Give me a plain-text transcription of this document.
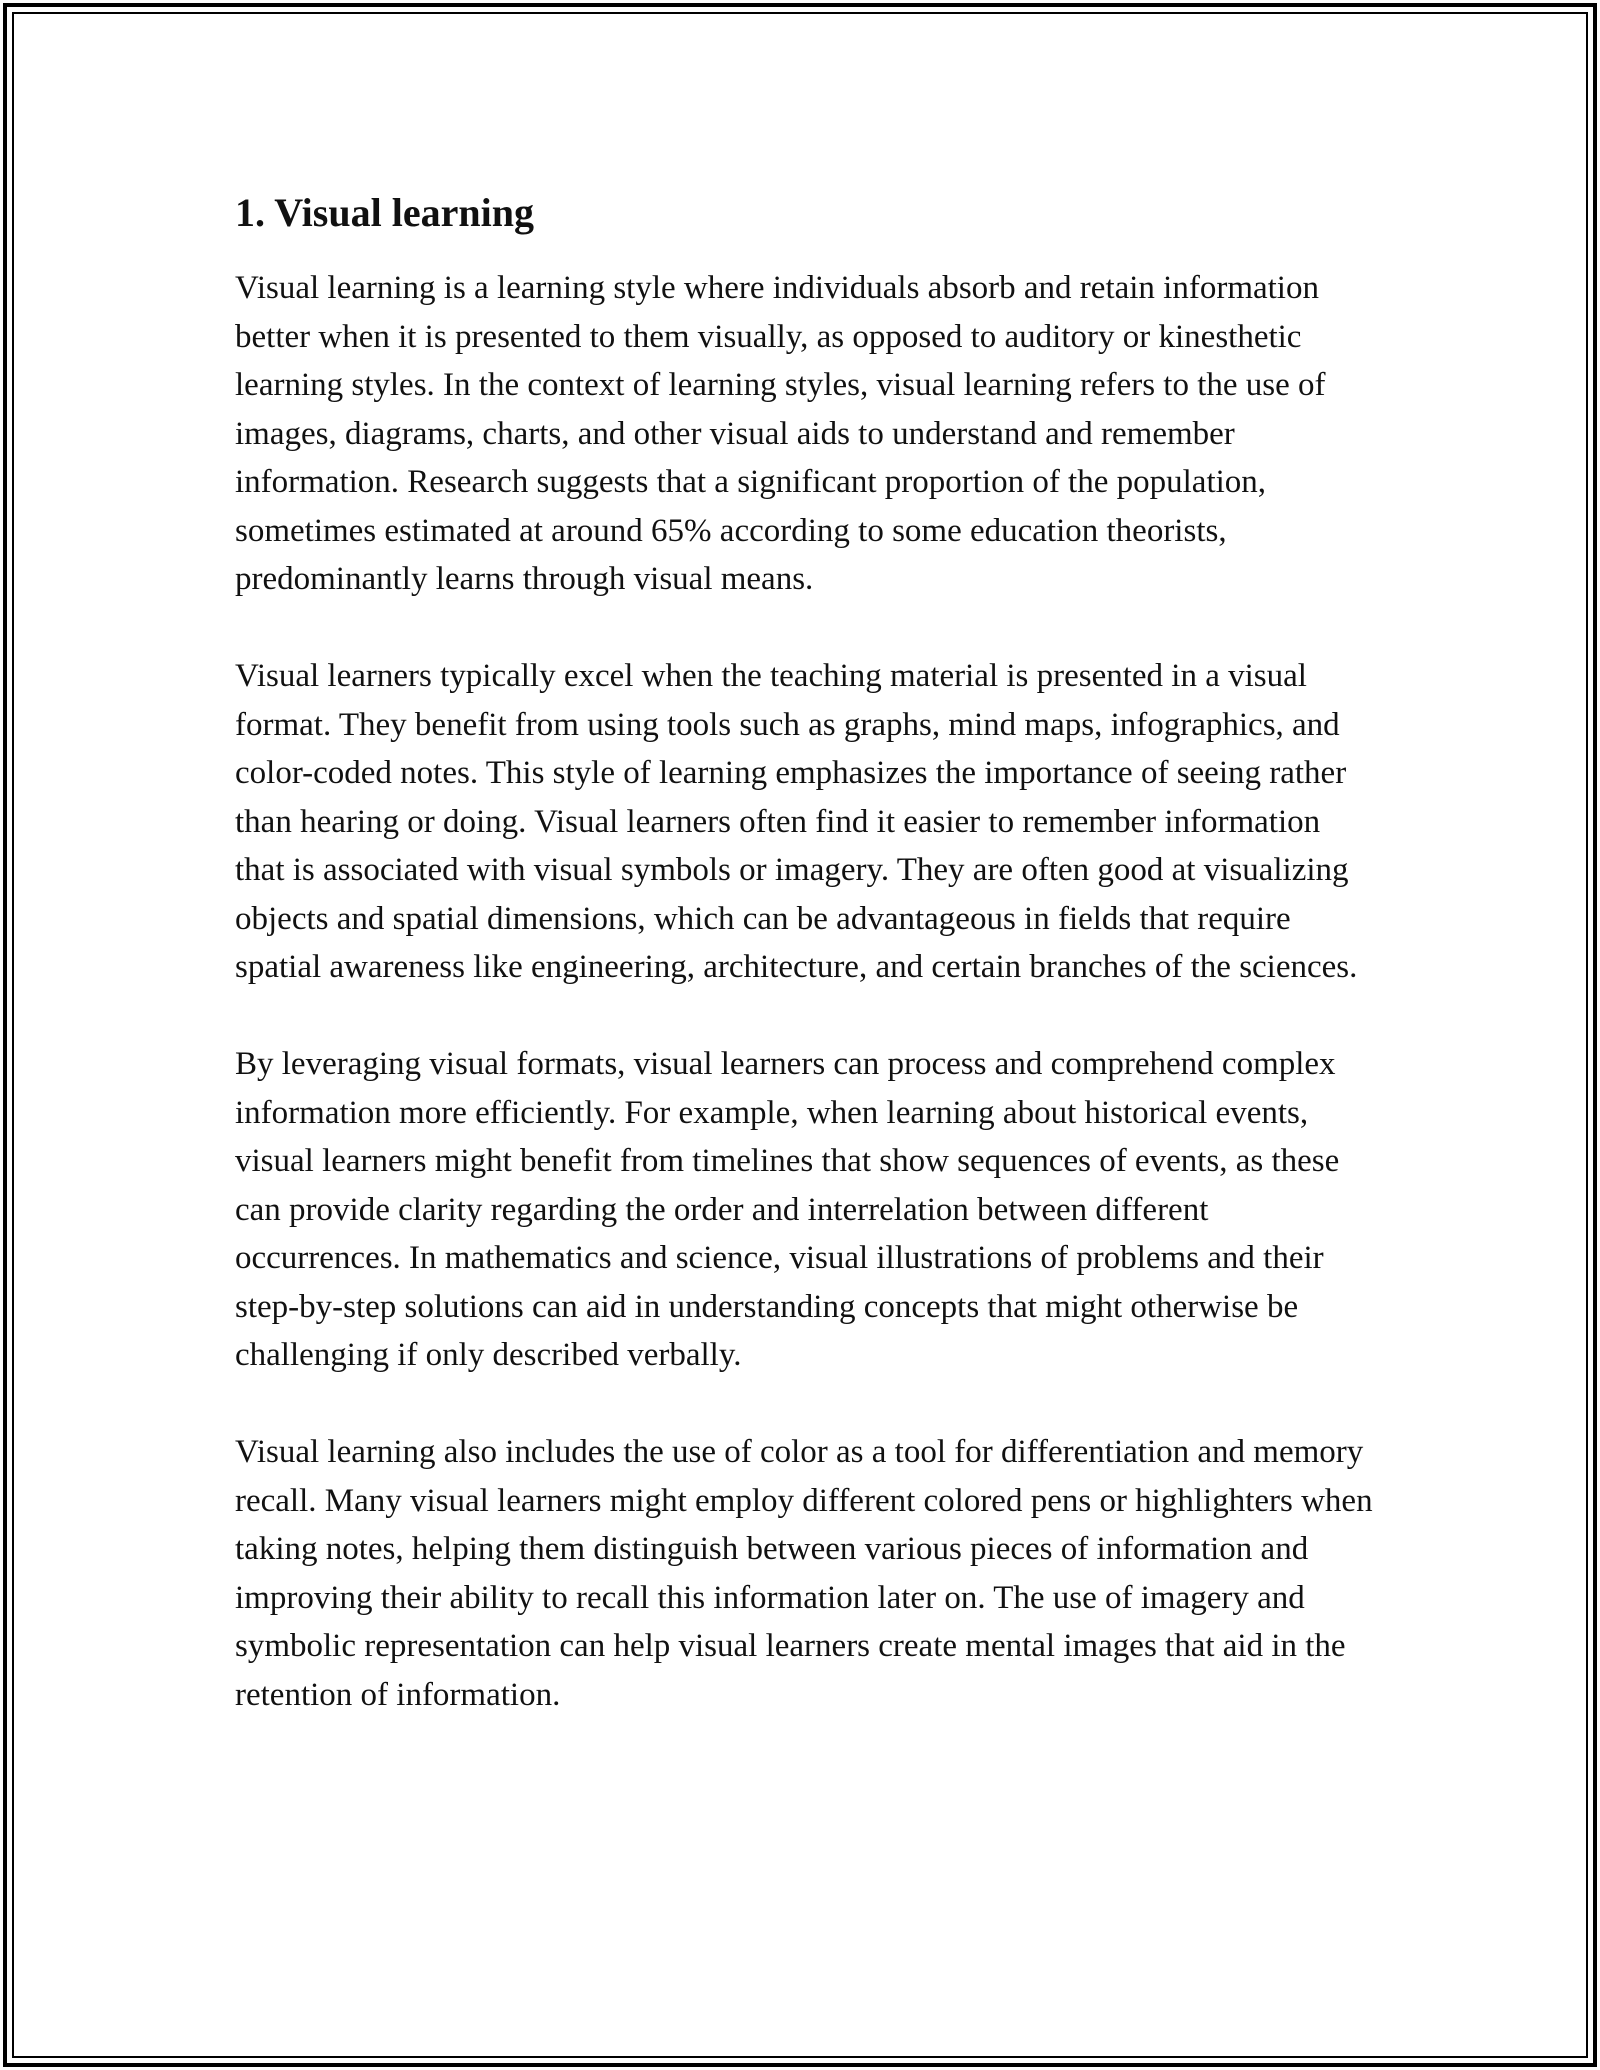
1. Visual learning

Visual learning is a learning style where individuals absorb and retain information better when it is presented to them visually, as opposed to auditory or kinesthetic learning styles. In the context of learning styles, visual learning refers to the use of images, diagrams, charts, and other visual aids to understand and remember information. Research suggests that a significant proportion of the population, sometimes estimated at around 65% according to some education theorists, predominantly learns through visual means.

Visual learners typically excel when the teaching material is presented in a visual format. They benefit from using tools such as graphs, mind maps, infographics, and color-coded notes. This style of learning emphasizes the importance of seeing rather than hearing or doing. Visual learners often find it easier to remember information that is associated with visual symbols or imagery. They are often good at visualizing objects and spatial dimensions, which can be advantageous in fields that require spatial awareness like engineering, architecture, and certain branches of the sciences.

By leveraging visual formats, visual learners can process and comprehend complex information more efficiently. For example, when learning about historical events, visual learners might benefit from timelines that show sequences of events, as these can provide clarity regarding the order and interrelation between different occurrences. In mathematics and science, visual illustrations of problems and their step-by-step solutions can aid in understanding concepts that might otherwise be challenging if only described verbally.

Visual learning also includes the use of color as a tool for differentiation and memory recall. Many visual learners might employ different colored pens or highlighters when taking notes, helping them distinguish between various pieces of information and improving their ability to recall this information later on. The use of imagery and symbolic representation can help visual learners create mental images that aid in the retention of information.
